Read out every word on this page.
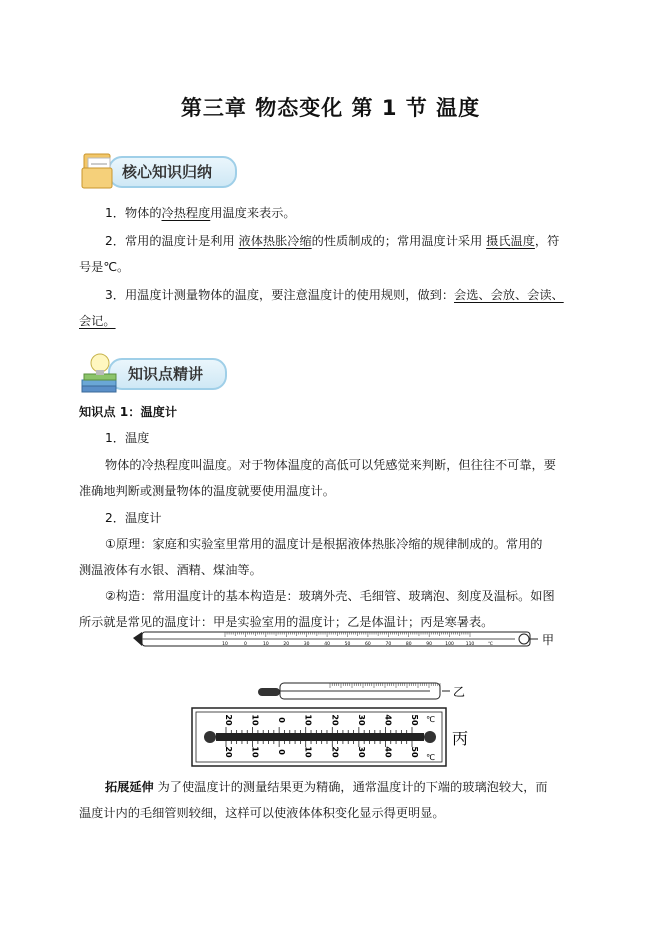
第三章 物态变化 第 1 节 温度
核心知识归纳
1．物体的冷热程度用温度来表示。
2．常用的温度计是利用 液体热胀冷缩的性质制成的；常用温度计采用 摄氏温度，符
号是℃。
3．用温度计测量物体的温度，要注意温度计的使用规则，做到：会选、会放、会读、
会记。
知识点精讲
知识点 1：温度计
1．温度
物体的冷热程度叫温度。对于物体温度的高低可以凭感觉来判断，但往往不可靠，要
准确地判断或测量物体的温度就要使用温度计。
2．温度计
①原理：家庭和实验室里常用的温度计是根据液体热胀冷缩的规律制成的。常用的
测温液体有水银、酒精、煤油等。
②构造：常用温度计的基本构造是：玻璃外壳、毛细管、玻璃泡、刻度及温标。如图
所示就是常见的温度计：甲是实验室用的温度计；乙是体温计；丙是寒暑表。
10	0	10	20	30	40	50	60	70	80	90	100	110	℃	甲
乙
20
20
10
10
0
0
10
10
20
20
30
30
40
40
50
50
℃
℃
丙
拓展延伸 为了使温度计的测量结果更为精确，通常温度计的下端的玻璃泡较大，而
温度计内的毛细管则较细，这样可以使液体体积变化显示得更明显。
